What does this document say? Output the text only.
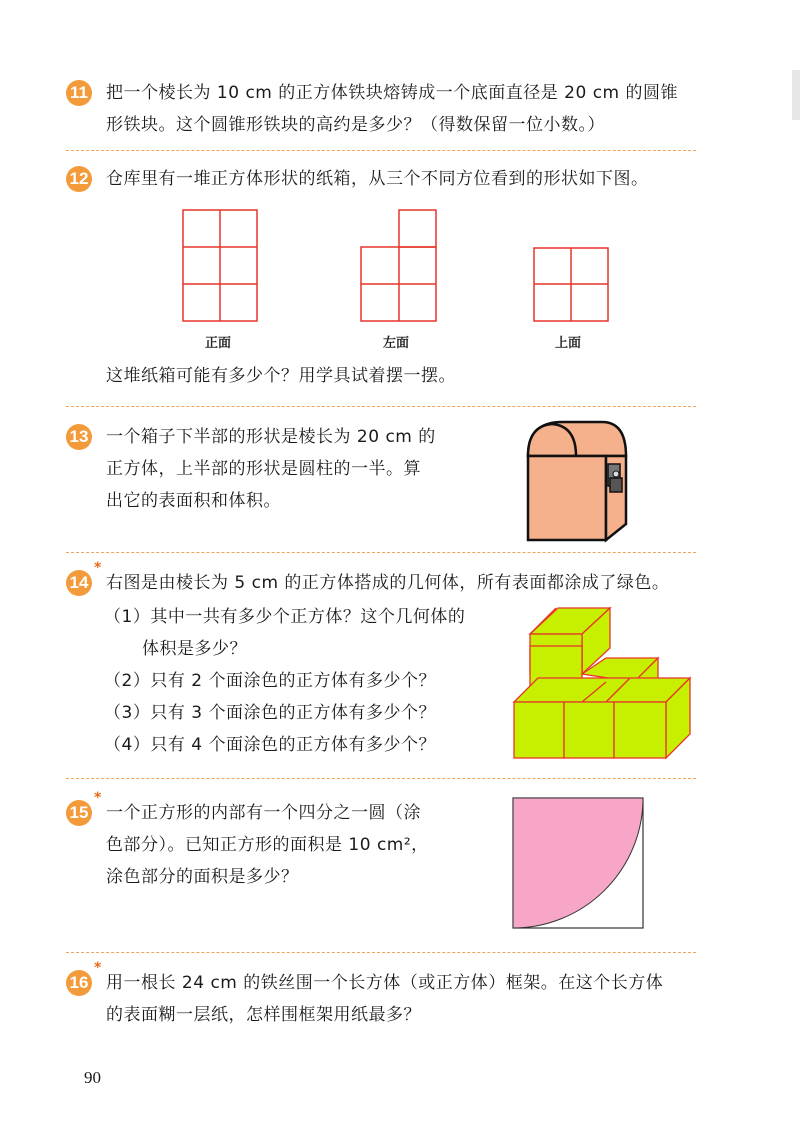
11 把一个棱长为 10 cm 的正方体铁块熔铸成一个底面直径是 20 cm 的圆锥
形铁块。这个圆锥形铁块的高约是多少？（得数保留一位小数。）
12 仓库里有一堆正方体形状的纸箱，从三个不同方位看到的形状如下图。
正面	左面	上面
这堆纸箱可能有多少个？用学具试着摆一摆。
13 一个箱子下半部的形状是棱长为 20 cm 的
正方体，上半部的形状是圆柱的一半。算
出它的表面积和体积。
14
*
右图是由棱长为 5 cm 的正方体搭成的几何体，所有表面都涂成了绿色。
（1）其中一共有多少个正方体？这个几何体的
体积是多少？
（2）只有 2 个面涂色的正方体有多少个？
（3）只有 3 个面涂色的正方体有多少个？
（4）只有 4 个面涂色的正方体有多少个？
15
*
一个正方形的内部有一个四分之一圆（涂
色部分）。已知正方形的面积是 10 cm²，
涂色部分的面积是多少？
16
*
用一根长 24 cm 的铁丝围一个长方体（或正方体）框架。在这个长方体
的表面糊一层纸，怎样围框架用纸最多？
90
